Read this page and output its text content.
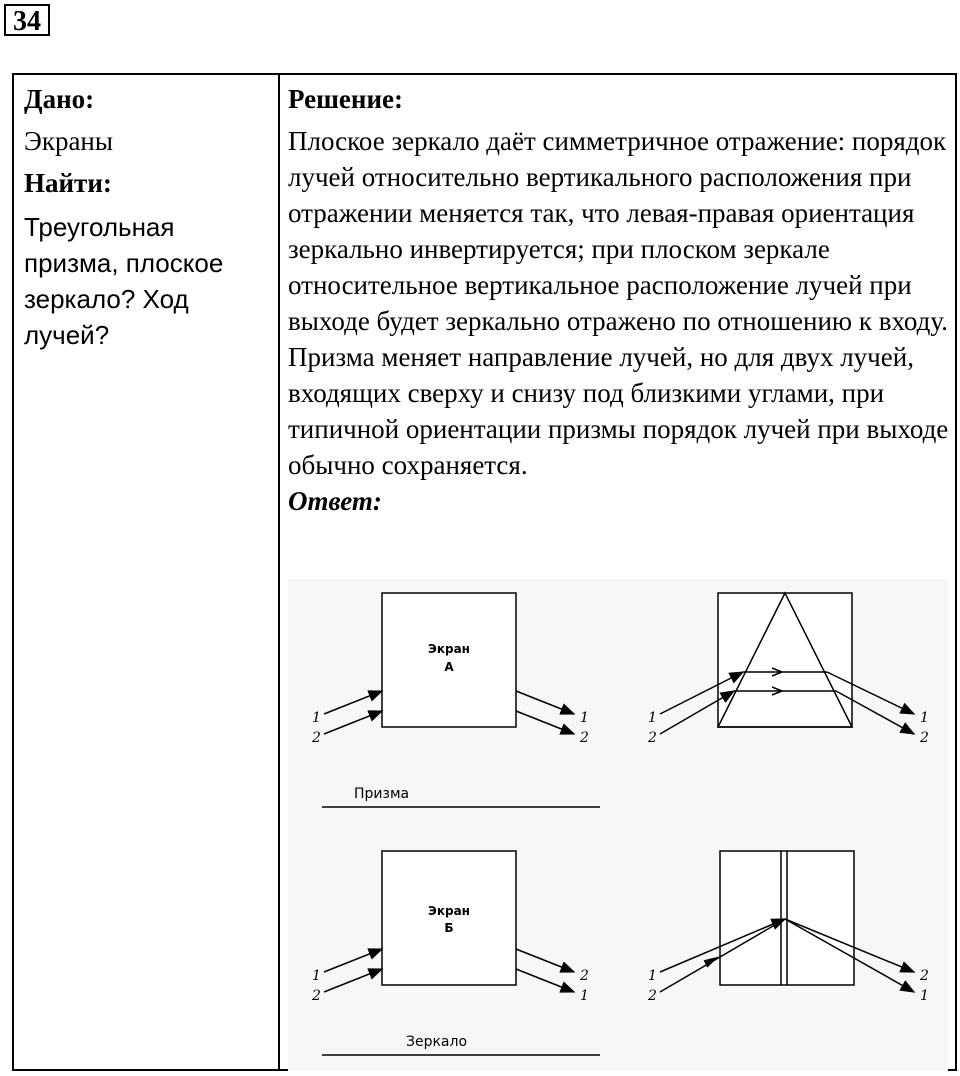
34
Дано:
Экраны
Найти:
Треугольная призма, плоское зеркало? Ход лучей?
Решение:
Плоское зеркало даёт симметричное отражение: порядок лучей относительно вертикального расположения при отражении меняется так, что левая-правая ориентация зеркально инвертируется; при плоском зеркале относительное вертикальное расположение лучей при выходе будет зеркально отражено по отношению к входу. Призма меняет направление лучей, но для двух лучей, входящих сверху и снизу под близкими углами, при типичной ориентации призмы порядок лучей при выходе обычно сохраняется.
Ответ:
Экран
А
Экран
Б
1
2
1
2
1
2
1
2
Призма
1
2
2
1
1
2
2
1
Зеркало
